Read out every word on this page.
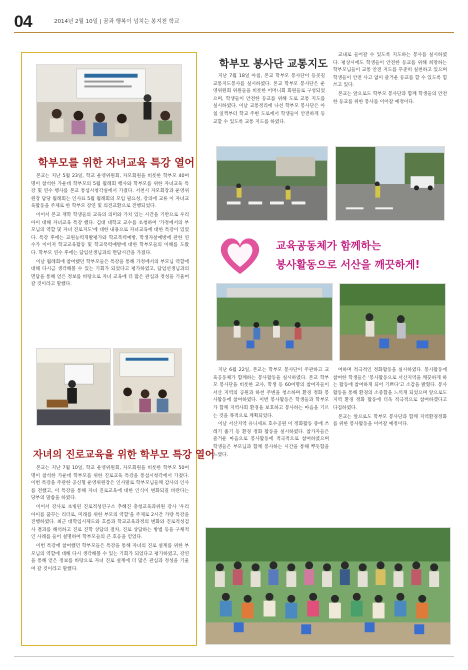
04	2014년 2월 10일 | 꿈과 행복이 넘치는 봉지천 학교
학부모를 위한 자녀교육 특강 열어

본교는 지난 5월 23일, 학교 운영위원회, 자모회원을 비롯한 학부모 40여명이 참석한 가운데 학부모의 5월 월례회 행사와 학부모를 위한 자녀교육 특강 및 연수 행사를 본교 통섬시청각실에서 가졌다. 서천시 자모회장과 운영위원장 담당 월례회는 인사표 5월 월례회의 모임 필요성, 강의에 교류 이 자녀교육활동을 주제로 한 학부모 강연 및 의견교환으로 진행되었다.

이어서 본교 재학 학생들의 교육의 의미와 가치 있는 시간을 기반으로 우리 아이 대해 자녀교육 특강 했다. 김대 대학교 교수를 초청하여 '가정에서의 부모님의 역할 및 자녀 진로지도'에 대한 내용으로 자녀교육에 대한 특강이 있었다. 특강 후에는 교원능력개발평가와 학교폭력예방, 학생자살예방에 관한 연수가 이어져 학교교육활동 및 학교폭력예방에 대한 학부모들의 이해를 도왔다. 학부모 연수 후에는 담임선생님과의 면담시간을 가졌다.

이날 월례회에 참여했던 학부모들은 특강을 통해 가정에서의 부모님 역할에 대해 다시금 생각해볼 수 있는 기회가 되었다고 평가하였고, 담임선생님과의 면담을 통해 얻은 정보를 바탕으로 자녀 교육에 더 많은 관심과 정성을 기울여 갈 것이라고 말했다.

자녀의 진로교육을 위한 학부모 특강 열어

본교는 지난 7월 10일, 학교 운영위원회, 자모회원을 비롯한 학부모 50여명이 참석한 가운데 학부모를 위한 진로교육 특강을 통섬시청각에서 가졌다. 이번 특강을 주관한 공신형 운영위원장은 인사말로 학부모님들께 감사의 인사를 전했고, 이 특강을 통해 자녀 진로교육에 대한 인식이 변화되길 바란다는 당부의 말씀을 하였다.

이어서 강사로 초빙된 진로적성연구소 추혜진 충청교육과위원 강사 '우리 아이를 꿈꾸는 리더로, 미래를 위한 부모의 역할'을 주제로 2시간 가량 특강을 진행하였다. 최근 대학입시제도와 흐름과 학교교육과정의 변화와 진로적성검사 결과를 해석하고 진로 진학 상담의 절차, 진로 상담하는 방법 등을 구체적인 사례를 들어 설명하여 학부모들의 큰 호응을 얻었다.

이번 특강에 참여했던 학부모들은 특강을 통해 자녀의 진로 설계를 위한 부모님의 역할에 대해 다시 생각해볼 수 있는 기회가 되었다고 평가하였고, 강연을 통해 얻은 정보를 바탕으로 자녀 진로 설계에 더 많은 관심과 정성을 기울여 갈 것이라고 말했다.

학부모 봉사단 교통지도

지난 7월 18일 아침, 본교 학부모 봉사단이 등굣길 교통지도봉사를 실시하였다. 본교 학부모 봉사단은 운영위원회 위원들을 비롯한 어머니회 회원들로 구성되었으며, 학생들이 안전한 등교를 위해 도로 교통 지도를 실시하였다. 이날 교통정리에 나선 학부모 봉사단은 아침 일찍부터 학교 주변 도로에서 학생들이 안전하게 등교할 수 있도록 교통 지도를 하였다.

교내로 들어갈 수 있도록 지도하는 봉사를 실시하였다. 평상시에도 학생들이 안전한 등교를 위해 희망하는 학부모님들이 교통 안전 지도를 꾸준히 실천하고 있으며 학생들이 안전 사고 없이 즐거운 등교를 할 수 있도록 힘쓰고 있다.

본교는 앞으로도 학부모 봉사단과 함께 학생들의 안전한 등교를 위한 봉사를 이어갈 예정이다.

교육공동체가 함께하는
봉사활동으로 서산을 깨끗하게!

지난 6월 22일, 본교는 학부모 봉사단이 주관하고 교육공동체가 함께하는 봉사활동을 실시하였다. 본교 학부모 봉사단을 비롯한 교사, 학생 등 60여명의 참여자들이 서산 지역의 공원과 하천 주변을 청소하며 환경 정화 봉사활동에 참여하였다. 이번 봉사활동은 학생들과 학부모가 함께 지역사회 환경을 보호하고 봉사하는 마음을 기르는 것을 목적으로 계획되었다.

이날 서산지역 유니세프 호수공원 이 정화활동 중에 쓰레기 줍기 등 환경 정화 활동을 실시하였다. 참가자들은 즐거운 마음으로 봉사활동에 적극적으로 참여하였으며 학생들은 부모님과 함께 봉사하는 시간을 통해 뿌듯함을 느꼈다.

여하며 적극적인 정화활동을 실시하였다. 봉사활동에 참여한 학생들은 '봉사활동으로 서산지역을 깨끗하게 하는 활동에 참여하게 되어 기쁘다'고 소감을 밝혔다. 봉사활동을 통해 환경의 소중함을 느끼게 되었으며 앞으로도 지역 환경 정화 활동에 더욱 적극적으로 참여하겠다고 다짐하였다.

본교는 앞으로도 학부모 봉사단과 함께 지역환경정화를 위한 봉사활동을 이어갈 예정이다.
